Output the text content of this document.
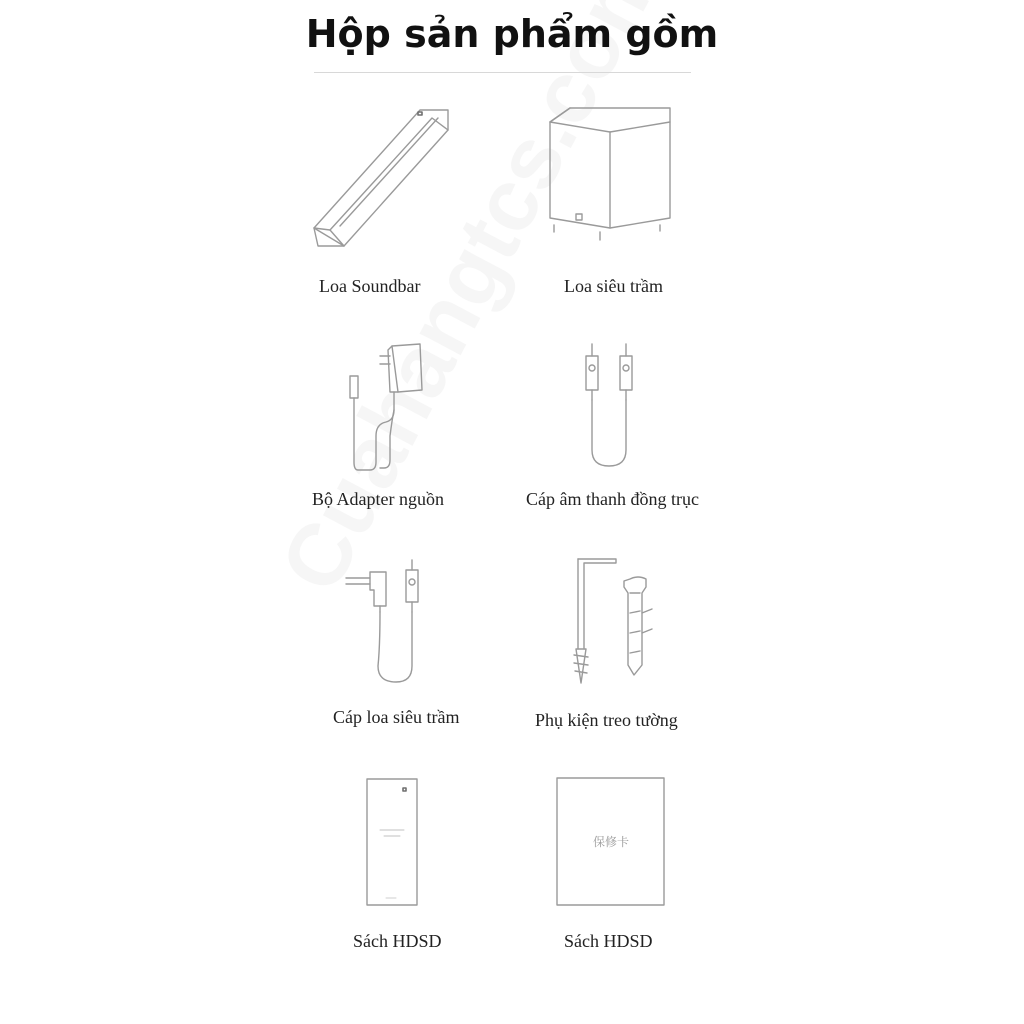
Hộp sản phẩm gồm
Loa Soundbar	Loa siêu trầm
Bộ Adapter nguồn	Cáp âm thanh đồng trục
Cáp loa siêu trầm	Phụ kiện treo tường
Sách HDSD
保修卡
Sách HDSD
